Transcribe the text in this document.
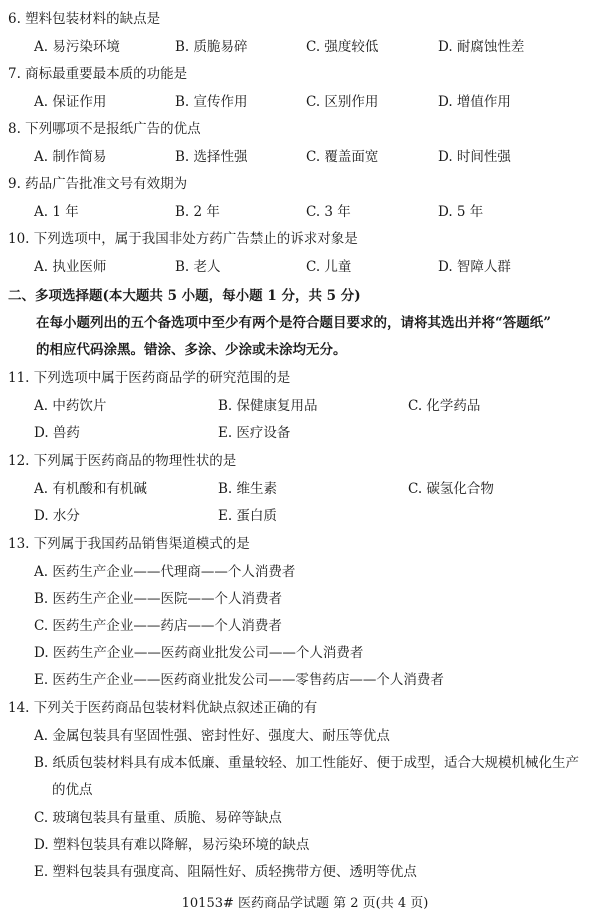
6. 塑料包装材料的缺点是
A. 易污染环境	B. 质脆易碎	C. 强度较低	D. 耐腐蚀性差
7. 商标最重要最本质的功能是
A. 保证作用	B. 宣传作用	C. 区别作用	D. 增值作用
8. 下列哪项不是报纸广告的优点
A. 制作简易	B. 选择性强	C. 覆盖面宽	D. 时间性强
9. 药品广告批准文号有效期为
A. 1 年	B. 2 年	C. 3 年	D. 5 年
10. 下列选项中，属于我国非处方药广告禁止的诉求对象是
A. 执业医师	B. 老人	C. 儿童	D. 智障人群
二、多项选择题(本大题共 5 小题，每小题 1 分，共 5 分)
在每小题列出的五个备选项中至少有两个是符合题目要求的，请将其选出并将“答题纸”
的相应代码涂黑。错涂、多涂、少涂或未涂均无分。
11. 下列选项中属于医药商品学的研究范围的是
A. 中药饮片	B. 保健康复用品	C. 化学药品
D. 兽药	E. 医疗设备
12. 下列属于医药商品的物理性状的是
A. 有机酸和有机碱	B. 维生素	C. 碳氢化合物
D. 水分	E. 蛋白质
13. 下列属于我国药品销售渠道模式的是
A. 医药生产企业——代理商——个人消费者
B. 医药生产企业——医院——个人消费者
C. 医药生产企业——药店——个人消费者
D. 医药生产企业——医药商业批发公司——个人消费者
E. 医药生产企业——医药商业批发公司——零售药店——个人消费者
14. 下列关于医药商品包装材料优缺点叙述正确的有
A. 金属包装具有坚固性强、密封性好、强度大、耐压等优点
B. 纸质包装材料具有成本低廉、重量较轻、加工性能好、便于成型，适合大规模机械化生产
的优点
C. 玻璃包装具有量重、质脆、易碎等缺点
D. 塑料包装具有难以降解，易污染环境的缺点
E. 塑料包装具有强度高、阻隔性好、质轻携带方便、透明等优点
10153# 医药商品学试题 第 2 页(共 4 页)
